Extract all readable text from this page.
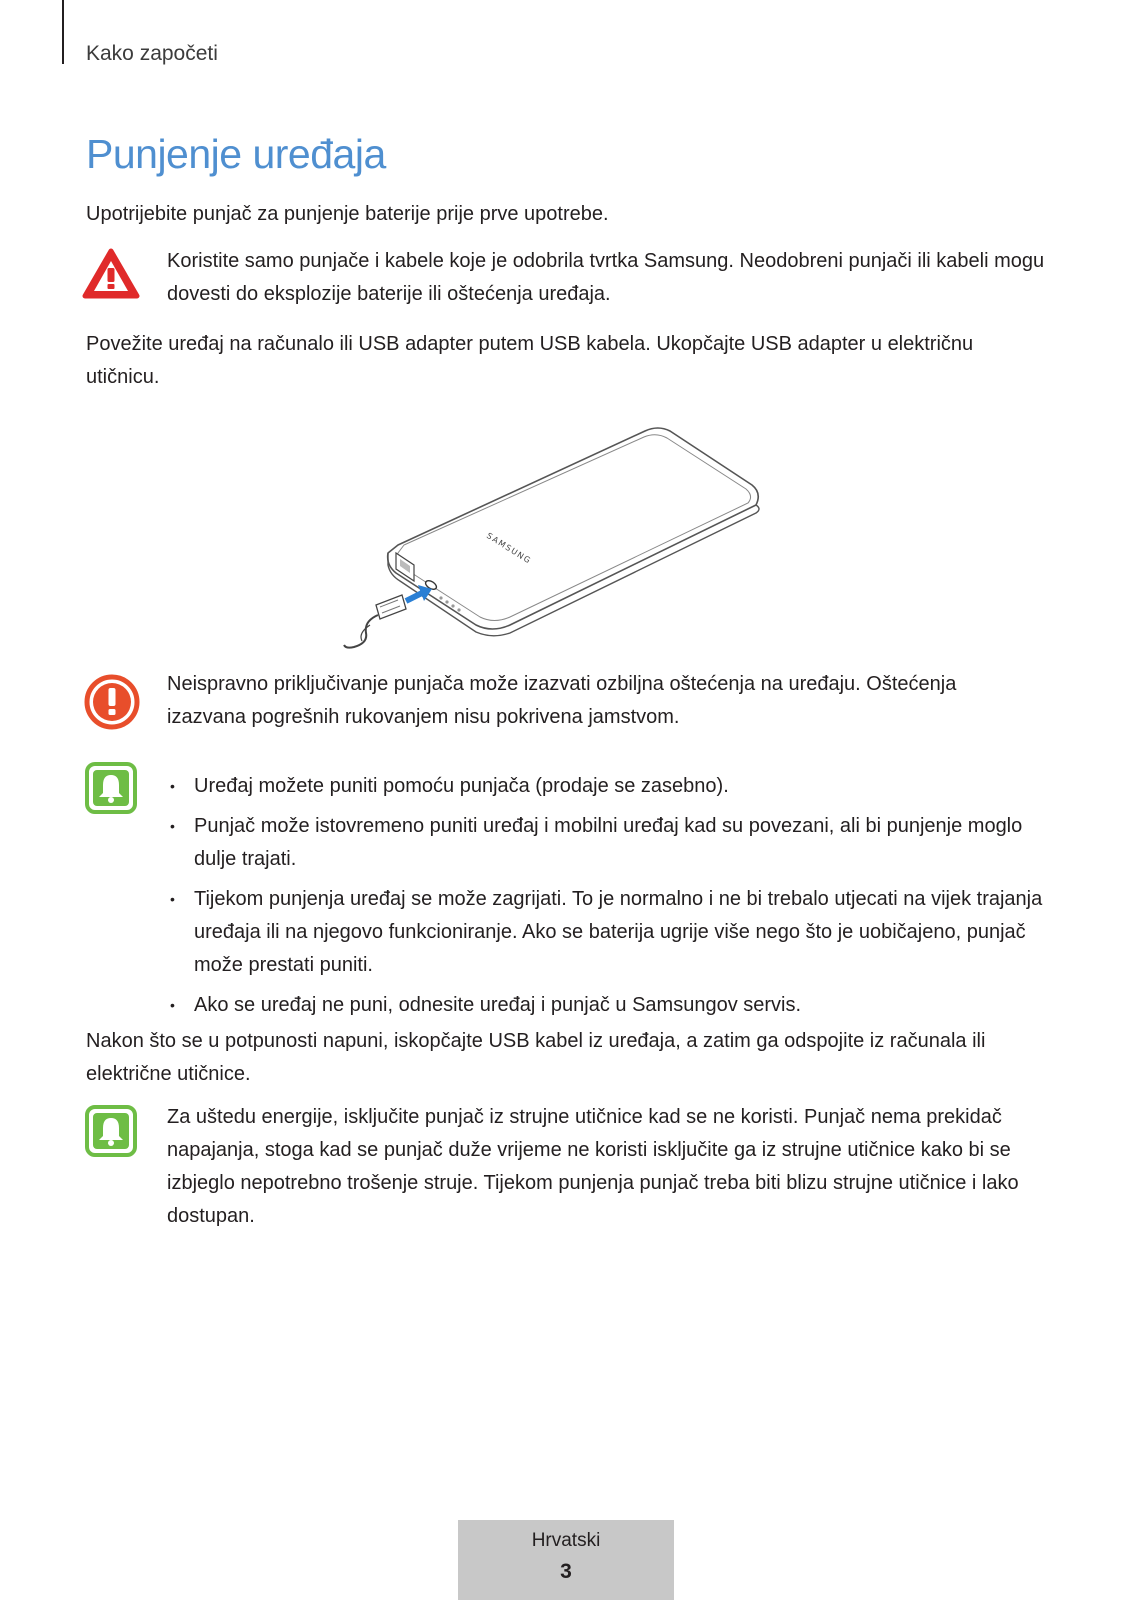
Kako započeti
Punjenje uređaja

Upotrijebite punjač za punjenje baterije prije prve upotrebe.

Koristite samo punjače i kabele koje je odobrila tvrtka Samsung. Neodobreni punjači ili kabeli mogu dovesti do eksplozije baterije ili oštećenja uređaja.

Povežite uređaj na računalo ili USB adapter putem USB kabela. Ukopčajte USB adapter u električnu utičnicu.

SAMSUNG

Neispravno priključivanje punjača može izazvati ozbiljna oštećenja na uređaju. Oštećenja izazvana pogrešnih rukovanjem nisu pokrivena jamstvom.

• Uređaj možete puniti pomoću punjača (prodaje se zasebno).
• Punjač može istovremeno puniti uređaj i mobilni uređaj kad su povezani, ali bi punjenje moglo dulje trajati.
• Tijekom punjenja uređaj se može zagrijati. To je normalno i ne bi trebalo utjecati na vijek trajanja uređaja ili na njegovo funkcioniranje. Ako se baterija ugrije više nego što je uobičajeno, punjač može prestati puniti.
• Ako se uređaj ne puni, odnesite uređaj i punjač u Samsungov servis.

Nakon što se u potpunosti napuni, iskopčajte USB kabel iz uređaja, a zatim ga odspojite iz računala ili električne utičnice.

Za uštedu energije, isključite punjač iz strujne utičnice kad se ne koristi. Punjač nema prekidač napajanja, stoga kad se punjač duže vrijeme ne koristi isključite ga iz strujne utičnice kako bi se izbjeglo nepotrebno trošenje struje. Tijekom punjenja punjač treba biti blizu strujne utičnice i lako dostupan.

Hrvatski
3
